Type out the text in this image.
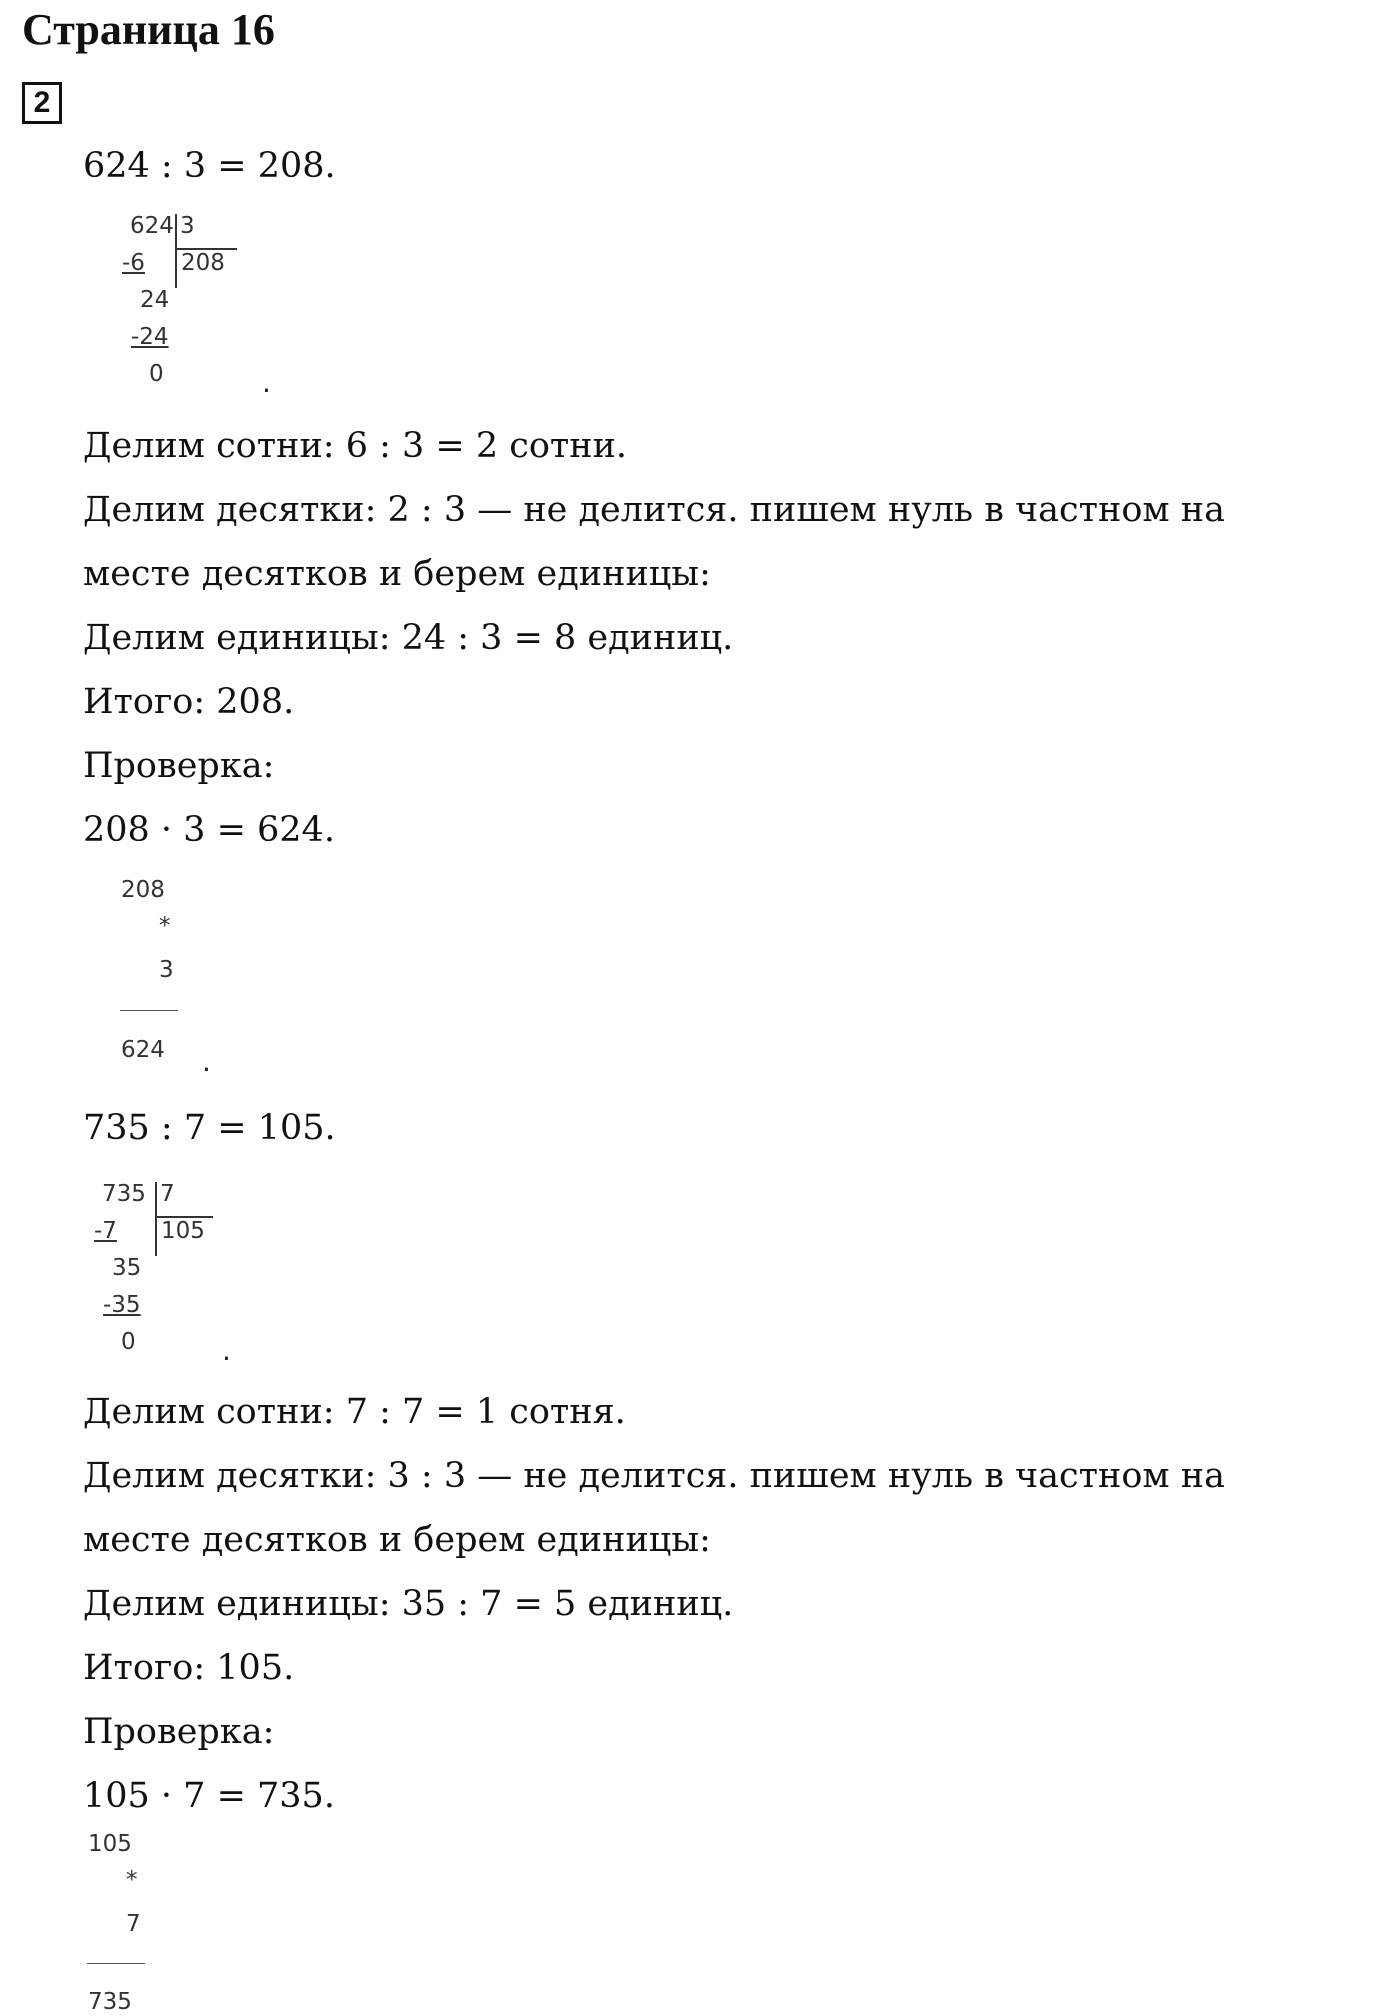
Страница 16
2
624 : 3 = 208.
624 3
-6 208
24
-24
0	.
Делим сотни: 6 : 3 = 2 сотни.
Делим десятки: 2 : 3 — не делится. пишем нуль в частном на
месте десятков и берем единицы:
Делим единицы: 24 : 3 = 8 единиц.
Итого: 208.
Проверка:
208 · 3 = 624.
208
*
3
624 .
735 : 7 = 105.
735 7
-7 105
35
-35
0	.
Делим сотни: 7 : 7 = 1 сотня.
Делим десятки: 3 : 3 — не делится. пишем нуль в частном на
месте десятков и берем единицы:
Делим единицы: 35 : 7 = 5 единиц.
Итого: 105.
Проверка:
105 · 7 = 735.
105
*
7
735
